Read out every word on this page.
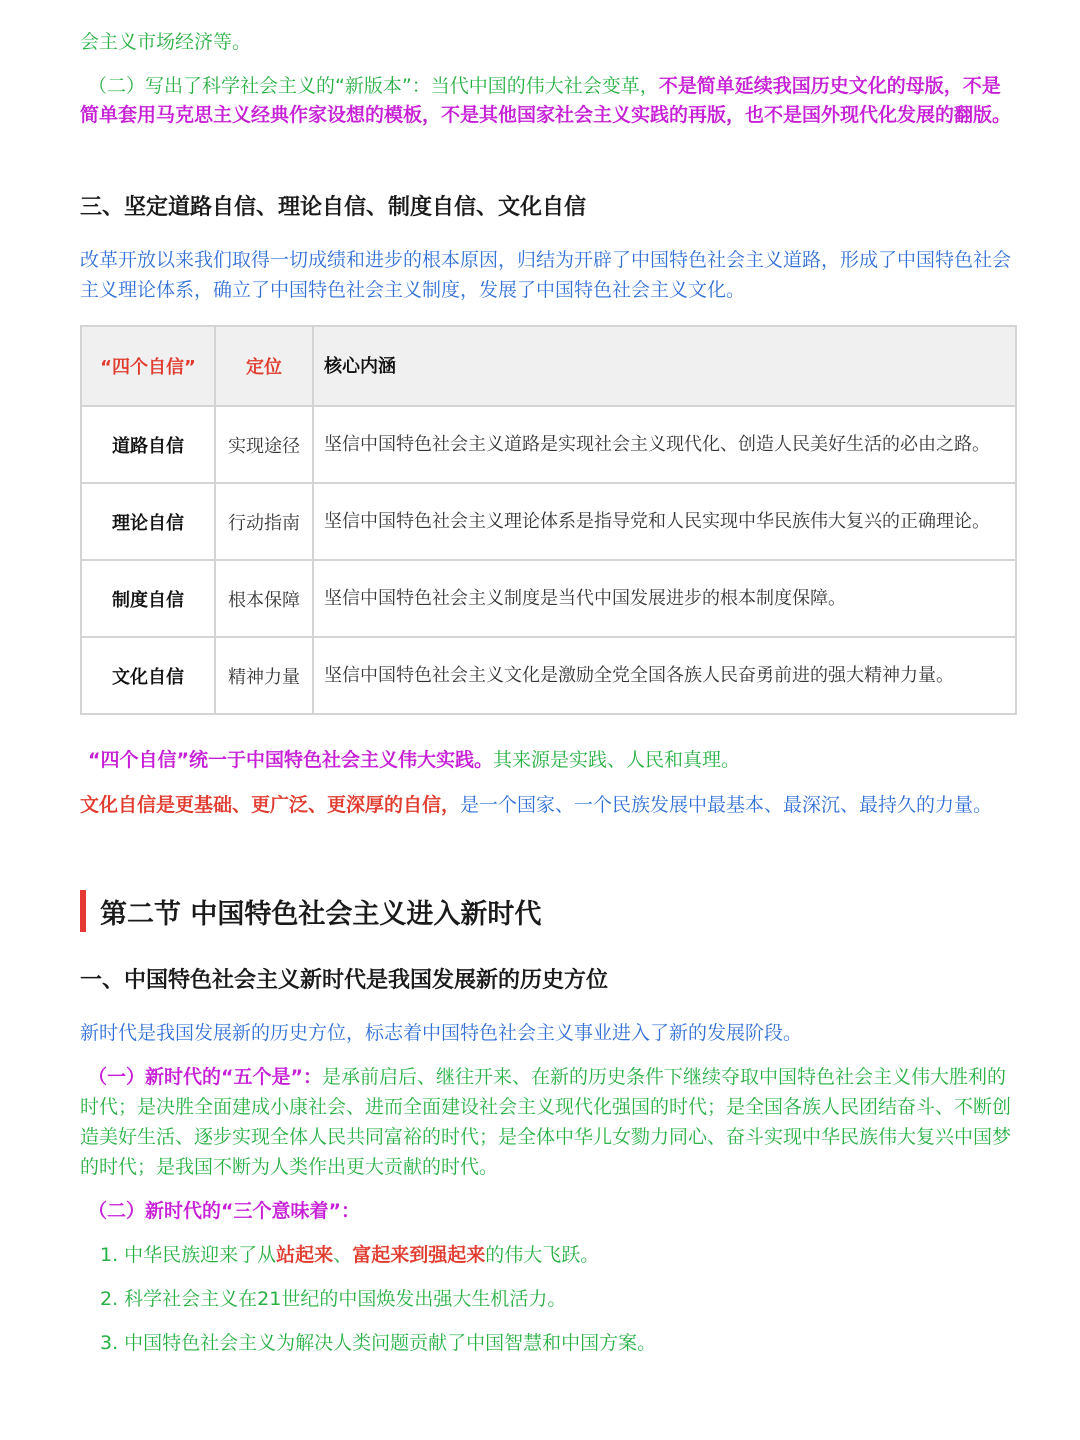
会主义市场经济等。

（二）写出了科学社会主义的“新版本”：当代中国的伟大社会变革，不是简单延续我国历史文化的母版，不是简单套用马克思主义经典作家设想的模板，不是其他国家社会主义实践的再版，也不是国外现代化发展的翻版。

三、坚定道路自信、理论自信、制度自信、文化自信

改革开放以来我们取得一切成绩和进步的根本原因，归结为开辟了中国特色社会主义道路，形成了中国特色社会主义理论体系，确立了中国特色社会主义制度，发展了中国特色社会主义文化。

“四个自信”	定位	核心内涵
道路自信	实现途径	坚信中国特色社会主义道路是实现社会主义现代化、创造人民美好生活的必由之路。
理论自信	行动指南	坚信中国特色社会主义理论体系是指导党和人民实现中华民族伟大复兴的正确理论。
制度自信	根本保障	坚信中国特色社会主义制度是当代中国发展进步的根本制度保障。
文化自信	精神力量	坚信中国特色社会主义文化是激励全党全国各族人民奋勇前进的强大精神力量。

“四个自信”统一于中国特色社会主义伟大实践。其来源是实践、人民和真理。

文化自信是更基础、更广泛、更深厚的自信，是一个国家、一个民族发展中最基本、最深沉、最持久的力量。

第二节 中国特色社会主义进入新时代
一、中国特色社会主义新时代是我国发展新的历史方位

新时代是我国发展新的历史方位，标志着中国特色社会主义事业进入了新的发展阶段。

（一）新时代的“五个是”：是承前启后、继往开来、在新的历史条件下继续夺取中国特色社会主义伟大胜利的时代；是决胜全面建成小康社会、进而全面建设社会主义现代化强国的时代；是全国各族人民团结奋斗、不断创造美好生活、逐步实现全体人民共同富裕的时代；是全体中华儿女勠力同心、奋斗实现中华民族伟大复兴中国梦的时代；是我国不断为人类作出更大贡献的时代。

（二）新时代的“三个意味着”：

1. 中华民族迎来了从站起来、富起来到强起来的伟大飞跃。

2. 科学社会主义在21世纪的中国焕发出强大生机活力。

3. 中国特色社会主义为解决人类问题贡献了中国智慧和中国方案。
